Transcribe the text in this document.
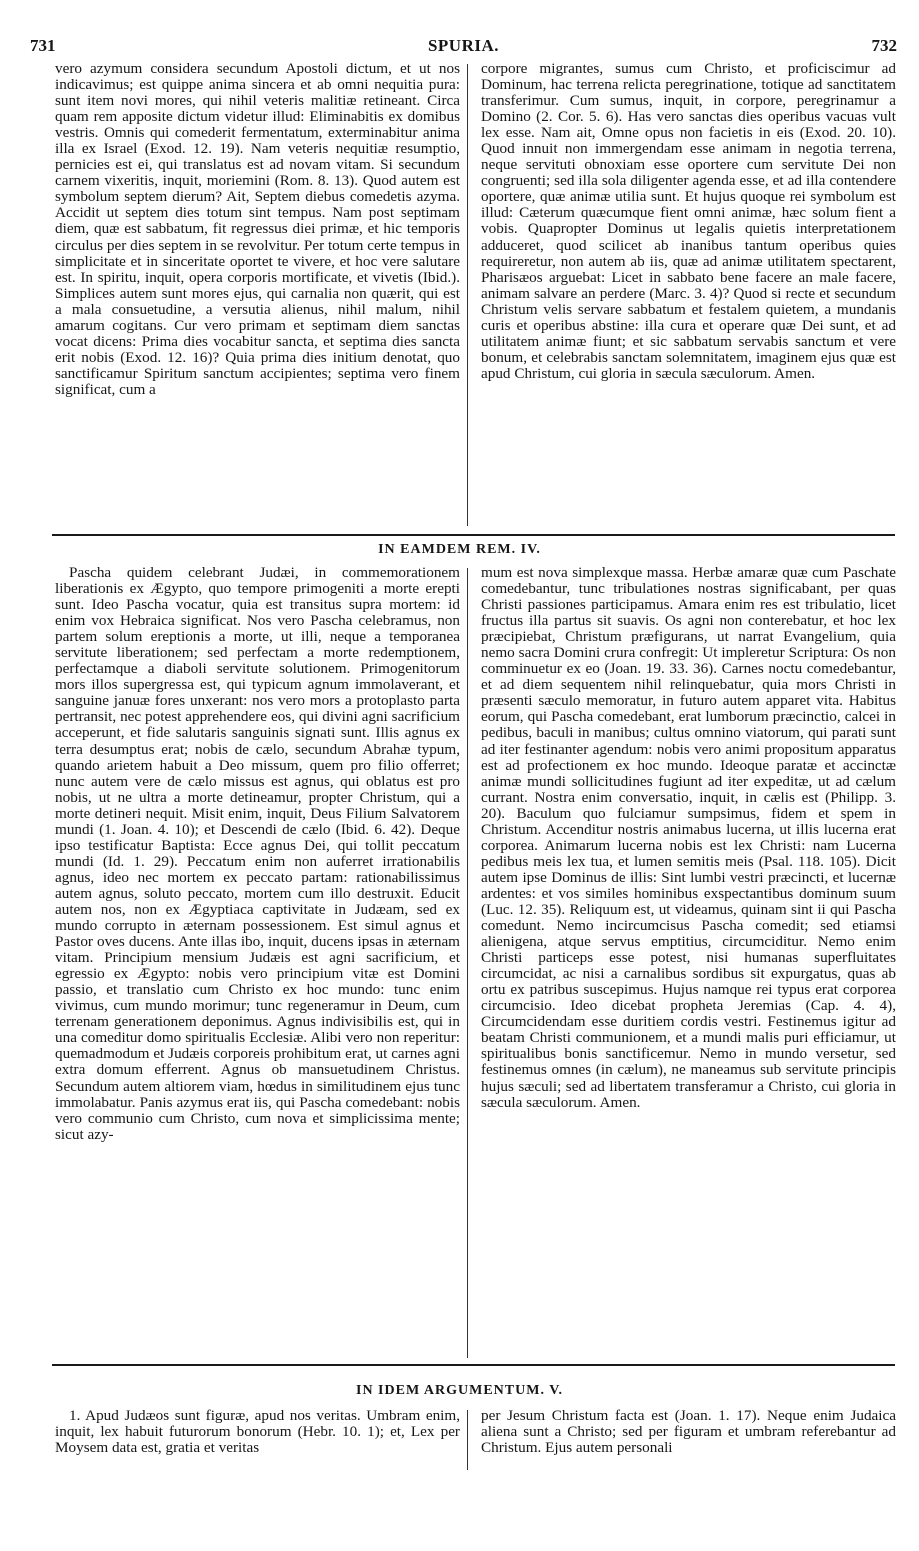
731	SPURIA.	732

vero azymum considera secundum Apostoli dictum, et ut nos indicavimus; est quippe anima sincera et ab omni nequitia pura: sunt item novi mores, qui nihil veteris malitiæ retineant. Circa quam rem apposite dictum videtur illud: Eliminabitis ex domibus vestris. Omnis qui comederit fermentatum, exterminabitur anima illa ex Israel (Exod. 12. 19). Nam veteris nequitiæ resumptio, pernicies est ei, qui translatus est ad novam vitam. Si secundum carnem vixeritis, inquit, moriemini (Rom. 8. 13). Quod autem est symbolum septem dierum? Ait, Septem diebus comedetis azyma. Accidit ut septem dies totum sint tempus. Nam post septimam diem, quæ est sabbatum, fit regressus diei primæ, et hic temporis circulus per dies septem in se revolvitur. Per totum certe tempus in simplicitate et in sinceritate oportet te vivere, et hoc vere salutare est. In spiritu, inquit, opera corporis mortificate, et vivetis (Ibid.). Simplices autem sunt mores ejus, qui carnalia non quærit, qui est a mala consuetudine, a versutia alienus, nihil malum, nihil amarum cogitans. Cur vero primam et septimam diem sanctas vocat dicens: Prima dies vocabitur sancta, et septima dies sancta erit nobis (Exod. 12. 16)? Quia prima dies initium denotat, quo sanctificamur Spiritum sanctum accipientes; septima vero finem significat, cum a

corpore migrantes, sumus cum Christo, et proficiscimur ad Dominum, hac terrena relicta peregrinatione, totique ad sanctitatem transferimur. Cum sumus, inquit, in corpore, peregrinamur a Domino (2. Cor. 5. 6). Has vero sanctas dies operibus vacuas vult lex esse. Nam ait, Omne opus non facietis in eis (Exod. 20. 10). Quod innuit non immergendam esse animam in negotia terrena, neque servituti obnoxiam esse oportere cum servitute Dei non congruenti; sed illa sola diligenter agenda esse, et ad illa contendere oportere, quæ animæ utilia sunt. Et hujus quoque rei symbolum est illud: Cæterum quæcumque fient omni animæ, hæc solum fient a vobis. Quapropter Dominus ut legalis quietis interpretationem adduceret, quod scilicet ab inanibus tantum operibus quies requireretur, non autem ab iis, quæ ad animæ utilitatem spectarent, Pharisæos arguebat: Licet in sabbato bene facere an male facere, animam salvare an perdere (Marc. 3. 4)? Quod si recte et secundum Christum velis servare sabbatum et festalem quietem, a mundanis curis et operibus abstine: illa cura et operare quæ Dei sunt, et ad utilitatem animæ fiunt; et sic sabbatum servabis sanctum et vere bonum, et celebrabis sanctam solemnitatem, imaginem ejus quæ est apud Christum, cui gloria in sæcula sæculorum. Amen.

IN EAMDEM REM. IV.

Pascha quidem celebrant Judæi, in commemorationem liberationis ex Ægypto, quo tempore primogeniti a morte erepti sunt. Ideo Pascha vocatur, quia est transitus supra mortem: id enim vox Hebraica significat. Nos vero Pascha celebramus, non partem solum ereptionis a morte, ut illi, neque a temporanea servitute liberationem; sed perfectam a morte redemptionem, perfectamque a diaboli servitute solutionem. Primogenitorum mors illos supergressa est, qui typicum agnum immolaverant, et sanguine januæ fores unxerant: nos vero mors a protoplasto parta pertransit, nec potest apprehendere eos, qui divini agni sacrificium acceperunt, et fide salutaris sanguinis signati sunt. Illis agnus ex terra desumptus erat; nobis de cælo, secundum Abrahæ typum, quando arietem habuit a Deo missum, quem pro filio offerret; nunc autem vere de cælo missus est agnus, qui oblatus est pro nobis, ut ne ultra a morte detineamur, propter Christum, qui a morte detineri nequit. Misit enim, inquit, Deus Filium Salvatorem mundi (1. Joan. 4. 10); et Descendi de cælo (Ibid. 6. 42). Deque ipso testificatur Baptista: Ecce agnus Dei, qui tollit peccatum mundi (Id. 1. 29). Peccatum enim non auferret irrationabilis agnus, ideo nec mortem ex peccato partam: rationabilissimus autem agnus, soluto peccato, mortem cum illo destruxit. Educit autem nos, non ex Ægyptiaca captivitate in Judæam, sed ex mundo corrupto in æternam possessionem. Est simul agnus et Pastor oves ducens. Ante illas ibo, inquit, ducens ipsas in æternam vitam. Principium mensium Judæis est agni sacrificium, et egressio ex Ægypto: nobis vero principium vitæ est Domini passio, et translatio cum Christo ex hoc mundo: tunc enim vivimus, cum mundo morimur; tunc regeneramur in Deum, cum terrenam generationem deponimus. Agnus indivisibilis est, qui in una comeditur domo spiritualis Ecclesiæ. Alibi vero non reperitur: quemadmodum et Judæis corporeis prohibitum erat, ut carnes agni extra domum efferrent. Agnus ob mansuetudinem Christus. Secundum autem altiorem viam, hœdus in similitudinem ejus tunc immolabatur. Panis azymus erat iis, qui Pascha comedebant: nobis vero communio cum Christo, cum nova et simplicissima mente; sicut azy-

mum est nova simplexque massa. Herbæ amaræ quæ cum Paschate comedebantur, tunc tribulationes nostras significabant, per quas Christi passiones participamus. Amara enim res est tribulatio, licet fructus illa partus sit suavis. Os agni non conterebatur, et hoc lex præcipiebat, Christum præfigurans, ut narrat Evangelium, quia nemo sacra Domini crura confregit: Ut impleretur Scriptura: Os non comminuetur ex eo (Joan. 19. 33. 36). Carnes noctu comedebantur, et ad diem sequentem nihil relinquebatur, quia mors Christi in præsenti sæculo memoratur, in futuro autem apparet vita. Habitus eorum, qui Pascha comedebant, erat lumborum præcinctio, calcei in pedibus, baculi in manibus; cultus omnino viatorum, qui parati sunt ad iter festinanter agendum: nobis vero animi propositum apparatus est ad profectionem ex hoc mundo. Ideoque paratæ et accinctæ animæ mundi sollicitudines fugiunt ad iter expeditæ, ut ad cælum currant. Nostra enim conversatio, inquit, in cælis est (Philipp. 3. 20). Baculum quo fulciamur sumpsimus, fidem et spem in Christum. Accenditur nostris animabus lucerna, ut illis lucerna erat corporea. Animarum lucerna nobis est lex Christi: nam Lucerna pedibus meis lex tua, et lumen semitis meis (Psal. 118. 105). Dicit autem ipse Dominus de illis: Sint lumbi vestri præcincti, et lucernæ ardentes: et vos similes hominibus exspectantibus dominum suum (Luc. 12. 35). Reliquum est, ut videamus, quinam sint ii qui Pascha comedunt. Nemo incircumcisus Pascha comedit; sed etiamsi alienigena, atque servus emptitius, circumciditur. Nemo enim Christi particeps esse potest, nisi humanas superfluitates circumcidat, ac nisi a carnalibus sordibus sit expurgatus, quas ab ortu ex patribus suscepimus. Hujus namque rei typus erat corporea circumcisio. Ideo dicebat propheta Jeremias (Cap. 4. 4), Circumcidendam esse duritiem cordis vestri. Festinemus igitur ad beatam Christi communionem, et a mundi malis puri efficiamur, ut spiritualibus bonis sanctificemur. Nemo in mundo versetur, sed festinemus omnes (in cælum), ne maneamus sub servitute principis hujus sæculi; sed ad libertatem transferamur a Christo, cui gloria in sæcula sæculorum. Amen.

IN IDEM ARGUMENTUM. V.

1. Apud Judæos sunt figuræ, apud nos veritas. Umbram enim, inquit, lex habuit futurorum bonorum (Hebr. 10. 1); et, Lex per Moysem data est, gratia et veritas

per Jesum Christum facta est (Joan. 1. 17). Neque enim Judaica aliena sunt a Christo; sed per figuram et umbram referebantur ad Christum. Ejus autem personali
